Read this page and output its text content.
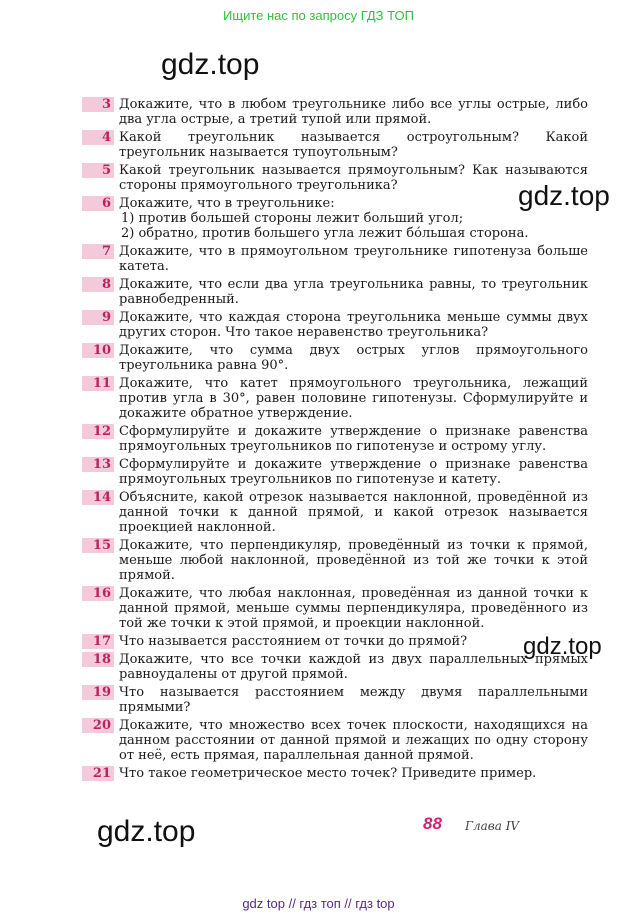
Ищите нас по запросу ГДЗ ТОП
gdz.top
gdz.top
gdz.top
gdz.top
3 Докажите, что в любом треугольнике либо все углы острые, либо два угла острые, а третий тупой или прямой.
4 Какой треугольник называется остроугольным? Какой треугольник называется тупоугольным?
5 Какой треугольник называется прямоугольным? Как называются стороны прямоугольного треугольника?
6 Докажите, что в треугольнике:
1) против большей стороны лежит больший угол;
2) обратно, против большего угла лежит бо́льшая сторона.
7 Докажите, что в прямоугольном треугольнике гипотенуза больше катета.
8 Докажите, что если два угла треугольника равны, то треугольник равнобедренный.
9 Докажите, что каждая сторона треугольника меньше суммы двух других сторон. Что такое неравенство треугольника?
10 Докажите, что сумма двух острых углов прямоугольного треугольника равна 90°.
11 Докажите, что катет прямоугольного треугольника, лежащий против угла в 30°, равен половине гипотенузы. Сформулируйте и докажите обратное утверждение.
12 Сформулируйте и докажите утверждение о признаке равенства прямоугольных треугольников по гипотенузе и острому углу.
13 Сформулируйте и докажите утверждение о признаке равенства прямоугольных треугольников по гипотенузе и катету.
14 Объясните, какой отрезок называется наклонной, проведённой из данной точки к данной прямой, и какой отрезок называется проекцией наклонной.
15 Докажите, что перпендикуляр, проведённый из точки к прямой, меньше любой наклонной, проведённой из той же точки к этой прямой.
16 Докажите, что любая наклонная, проведённая из данной точки к данной прямой, меньше суммы перпендикуляра, проведённого из той же точки к этой прямой, и проекции наклонной.
17 Что называется расстоянием от точки до прямой?
18 Докажите, что все точки каждой из двух параллельных прямых равноудалены от другой прямой.
19 Что называется расстоянием между двумя параллельными прямыми?
20 Докажите, что множество всех точек плоскости, находящихся на данном расстоянии от данной прямой и лежащих по одну сторону от неё, есть прямая, параллельная данной прямой.
21 Что такое геометрическое место точек? Приведите пример.
88 Глава IV
gdz top // гдз топ // гдз top
